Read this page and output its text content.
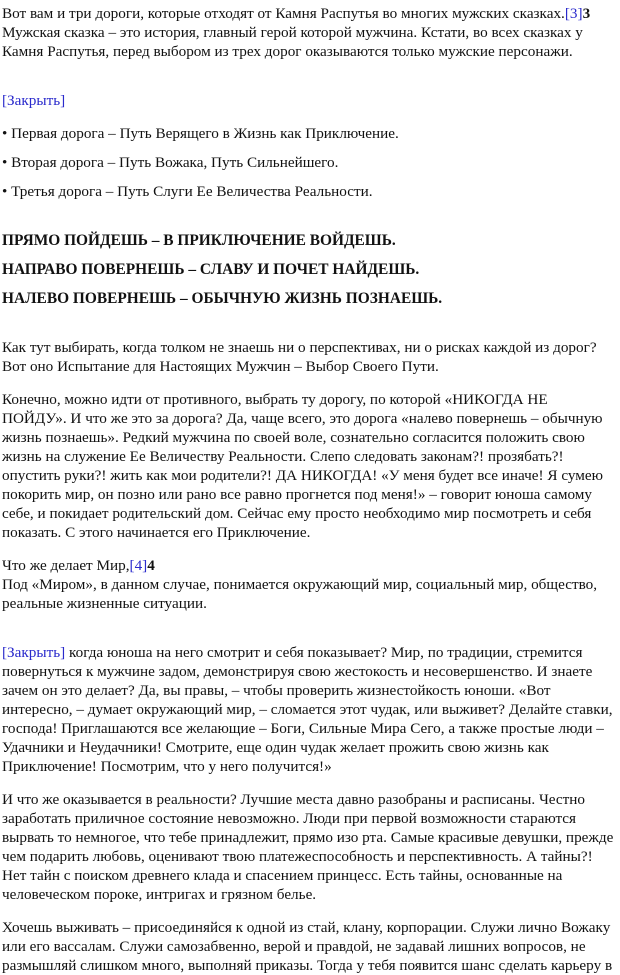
Вот вам и три дороги, которые отходят от Камня Распутья во многих мужских сказках.[3]3

Мужская сказка – это история, главный герой которой мужчина. Кстати, во всех сказках у Камня Распутья, перед выбором из трех дорог оказываются только мужские персонажи.

[Закрыть]

• Первая дорога – Путь Верящего в Жизнь как Приключение.

• Вторая дорога – Путь Вожака, Путь Сильнейшего.

• Третья дорога – Путь Слуги Ее Величества Реальности.

ПРЯМО ПОЙДЕШЬ – В ПРИКЛЮЧЕНИЕ ВОЙДЕШЬ.

НАПРАВО ПОВЕРНЕШЬ – СЛАВУ И ПОЧЕТ НАЙДЕШЬ.

НАЛЕВО ПОВЕРНЕШЬ – ОБЫЧНУЮ ЖИЗНЬ ПОЗНАЕШЬ.

Как тут выбирать, когда толком не знаешь ни о перспективах, ни о рисках каждой из дорог? Вот оно Испытание для Настоящих Мужчин – Выбор Своего Пути.

Конечно, можно идти от противного, выбрать ту дорогу, по которой «НИКОГДА НЕ ПОЙДУ». И что же это за дорога? Да, чаще всего, это дорога «налево повернешь – обычную жизнь познаешь». Редкий мужчина по своей воле, сознательно согласится положить свою жизнь на служение Ее Величеству Реальности. Слепо следовать законам?! прозябать?! опустить руки?! жить как мои родители?! ДА НИКОГДА! «У меня будет все иначе! Я сумею покорить мир, он позно или рано все равно прогнется под меня!» – говорит юноша самому себе, и покидает родительский дом. Сейчас ему просто необходимо мир посмотреть и себя показать. С этого начинается его Приключение.

Что же делает Мир,[4]4

Под «Миром», в данном случае, понимается окружающий мир, социальный мир, общество, реальные жизненные ситуации.

[Закрыть] когда юноша на него смотрит и себя показывает? Мир, по традиции, стремится повернуться к мужчине задом, демонстрируя свою жестокость и несовершенство. И знаете зачем он это делает? Да, вы правы, – чтобы проверить жизнестойкость юноши. «Вот интересно, – думает окружающий мир, – сломается этот чудак, или выживет? Делайте ставки, господа! Приглашаются все желающие – Боги, Сильные Мира Сего, а также простые люди – Удачники и Неудачники! Смотрите, еще один чудак желает прожить свою жизнь как Приключение! Посмотрим, что у него получится!»

И что же оказывается в реальности? Лучшие места давно разобраны и расписаны. Честно заработать приличное состояние невозможно. Люди при первой возможности стараются вырвать то немногое, что тебе принадлежит, прямо изо рта. Самые красивые девушки, прежде чем подарить любовь, оценивают твою платежеспособность и перспективность. А тайны?! Нет тайн с поиском древнего клада и спасением принцесс. Есть тайны, основанные на человеческом пороке, интригах и грязном белье.

Хочешь выживать – присоединяйся к одной из стай, клану, корпорации. Служи лично Вожаку или его вассалам. Служи самозабвенно, верой и правдой, не задавай лишних вопросов, не размышляй слишком много, выполняй приказы. Тогда у тебя появится шанс сделать карьеру в
